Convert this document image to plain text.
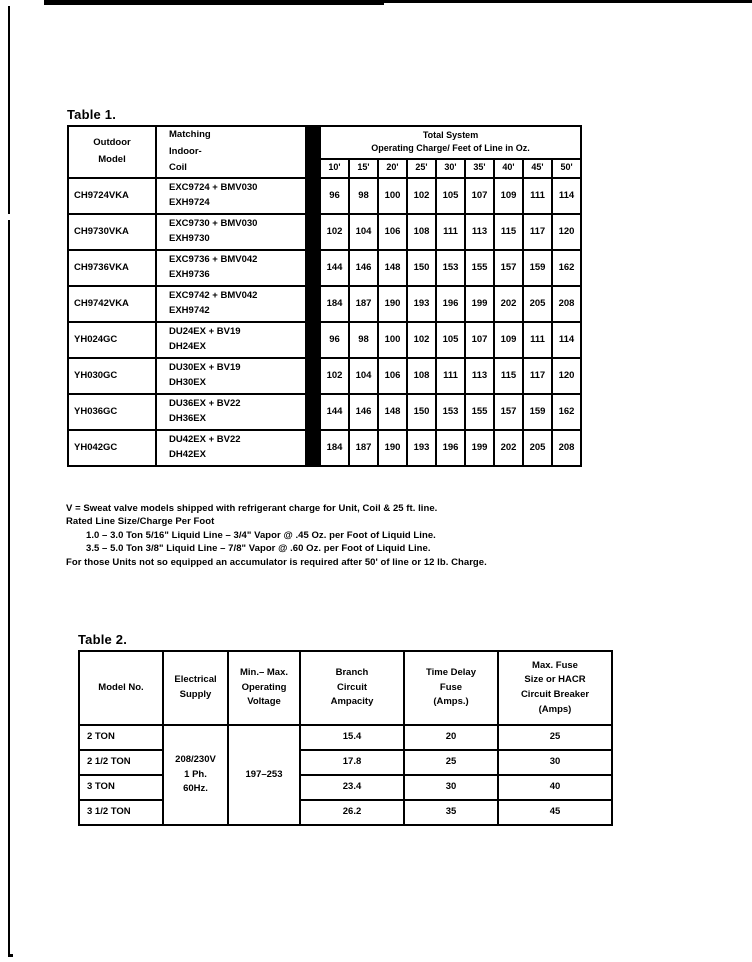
Table 1.
Outdoor
Model	Matching
Indoor-
Coil		Total System
Operating Charge/ Feet of Line in Oz.								
			10'	15'	20'	25'	30'	35'	40'	45'	50'
CH9724VKA	EXC9724 + BMV030
EXH9724		96	98	100	102	105	107	109	111	114
CH9730VKA	EXC9730 + BMV030
EXH9730		102	104	106	108	111	113	115	117	120
CH9736VKA	EXC9736 + BMV042
EXH9736		144	146	148	150	153	155	157	159	162
CH9742VKA	EXC9742 + BMV042
EXH9742		184	187	190	193	196	199	202	205	208
YH024GC	DU24EX + BV19
DH24EX		96	98	100	102	105	107	109	111	114
YH030GC	DU30EX + BV19
DH30EX		102	104	106	108	111	113	115	117	120
YH036GC	DU36EX + BV22
DH36EX		144	146	148	150	153	155	157	159	162
YH042GC	DU42EX + BV22
DH42EX		184	187	190	193	196	199	202	205	208
V = Sweat valve models shipped with refrigerant charge for Unit, Coil & 25 ft. line.
Rated Line Size/Charge Per Foot
1.0 – 3.0 Ton 5/16" Liquid Line – 3/4" Vapor @ .45 Oz. per Foot of Liquid Line.
3.5 – 5.0 Ton 3/8" Liquid Line – 7/8" Vapor @ .60 Oz. per Foot of Liquid Line.
For those Units not so equipped an accumulator is required after 50' of line or 12 lb. Charge.
Table 2.
Model No.	Electrical
Supply	Min.– Max.
Operating
Voltage	Branch
Circuit
Ampacity	Time Delay
Fuse
(Amps.)	Max. Fuse
Size or HACR
Circuit Breaker
(Amps)
2 TON	208/230V
1 Ph.
60Hz.	197–253	15.4	20	25
2 1/2 TON			17.8	25	30
3 TON			23.4	30	40
3 1/2 TON			26.2	35	45
